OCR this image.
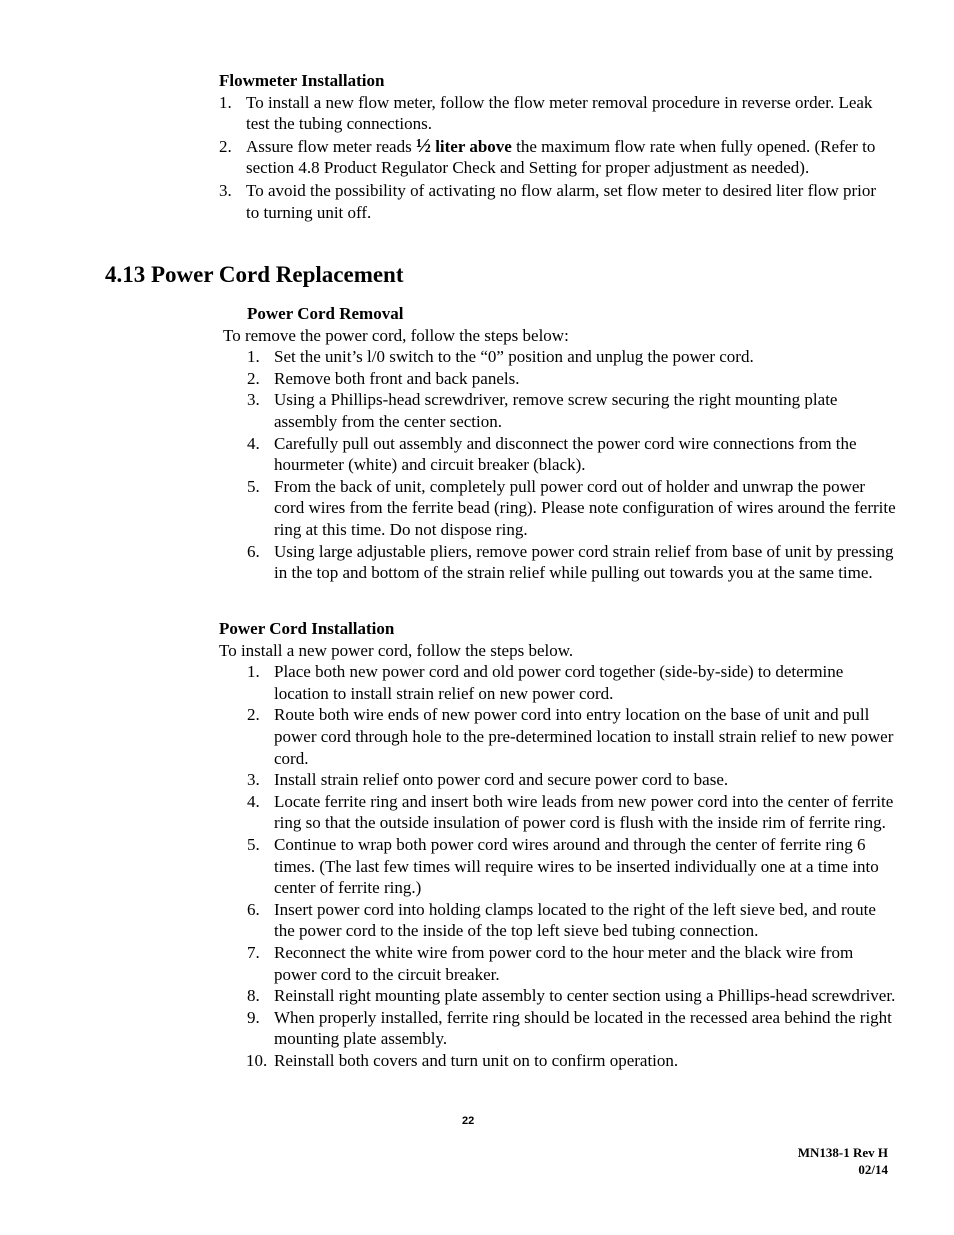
Flowmeter Installation
1. To install a new flow meter, follow the flow meter removal procedure in reverse order. Leak test the tubing connections.
2. Assure flow meter reads ½ liter above the maximum flow rate when fully opened. (Refer to section 4.8 Product Regulator Check and Setting for proper adjustment as needed).
3. To avoid the possibility of activating no flow alarm, set flow meter to desired liter flow prior to turning unit off.
4.13 Power Cord Replacement
Power Cord Removal
To remove the power cord, follow the steps below:
1. Set the unit’s l/0 switch to the “0” position and unplug the power cord.
2. Remove both front and back panels.
3. Using a Phillips-head screwdriver, remove screw securing the right mounting plate assembly from the center section.
4. Carefully pull out assembly and disconnect the power cord wire connections from the hourmeter (white) and circuit breaker (black).
5. From the back of unit, completely pull power cord out of holder and unwrap the power cord wires from the ferrite bead (ring). Please note configuration of wires around the ferrite ring at this time. Do not dispose ring.
6. Using large adjustable pliers, remove power cord strain relief from base of unit by pressing in the top and bottom of the strain relief while pulling out towards you at the same time.
Power Cord Installation
To install a new power cord, follow the steps below.
1. Place both new power cord and old power cord together (side-by-side) to determine location to install strain relief on new power cord.
2. Route both wire ends of new power cord into entry location on the base of unit and pull power cord through hole to the pre-determined location to install strain relief to new power cord.
3. Install strain relief onto power cord and secure power cord to base.
4. Locate ferrite ring and insert both wire leads from new power cord into the center of ferrite ring so that the outside insulation of power cord is flush with the inside rim of ferrite ring.
5. Continue to wrap both power cord wires around and through the center of ferrite ring 6 times. (The last few times will require wires to be inserted individually one at a time into center of ferrite ring.)
6. Insert power cord into holding clamps located to the right of the left sieve bed, and route the power cord to the inside of the top left sieve bed tubing connection.
7. Reconnect the white wire from power cord to the hour meter and the black wire from power cord to the circuit breaker.
8. Reinstall right mounting plate assembly to center section using a Phillips-head screwdriver.
9. When properly installed, ferrite ring should be located in the recessed area behind the right mounting plate assembly.
10. Reinstall both covers and turn unit on to confirm operation.
22
MN138-1 Rev H
02/14
